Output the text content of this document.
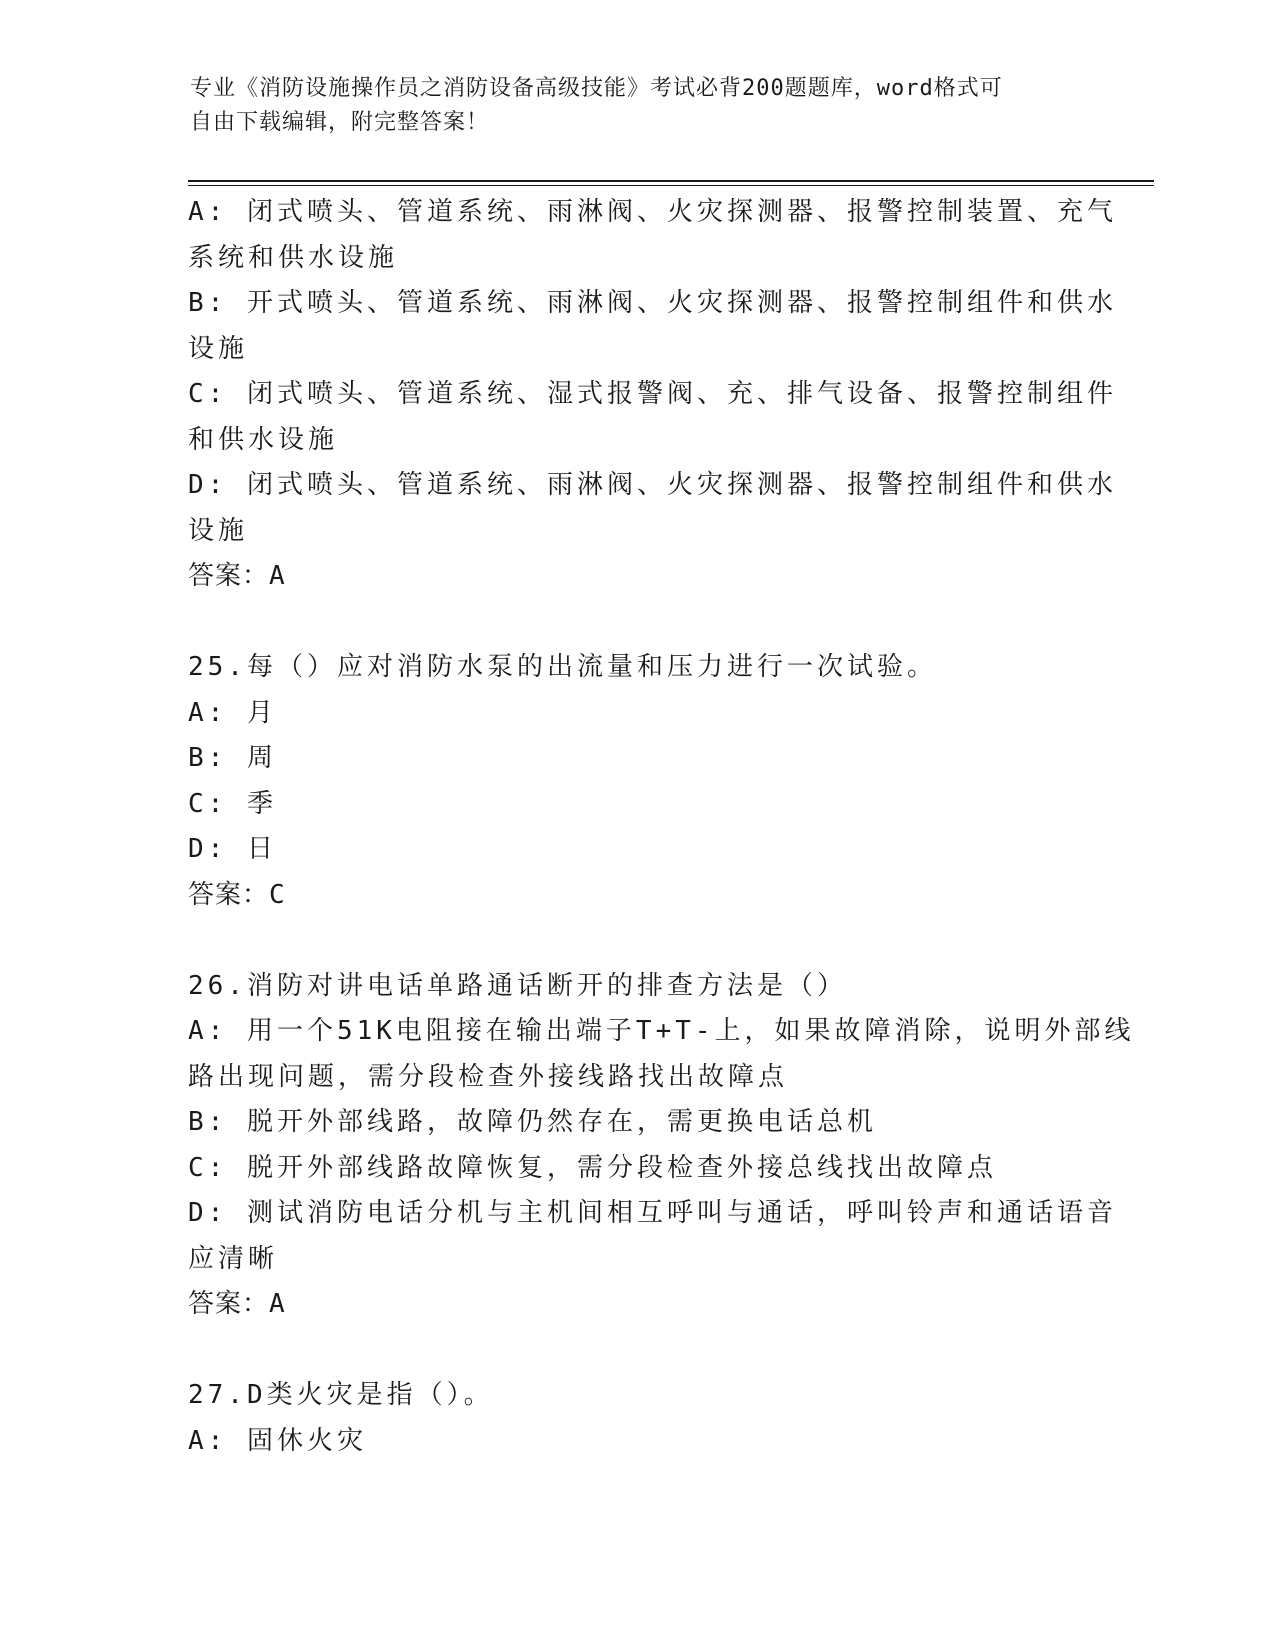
专业《消防设施操作员之消防设备高级技能》考试必背200题题库，word格式可
自由下载编辑，附完整答案！
A: 闭式喷头、管道系统、雨淋阀、火灾探测器、报警控制装置、充气
系统和供水设施
B: 开式喷头、管道系统、雨淋阀、火灾探测器、报警控制组件和供水
设施
C: 闭式喷头、管道系统、湿式报警阀、充、排气设备、报警控制组件
和供水设施
D: 闭式喷头、管道系统、雨淋阀、火灾探测器、报警控制组件和供水
设施
答案：A
25.每（）应对消防水泵的出流量和压力进行一次试验。
A: 月
B: 周
C: 季
D: 日
答案：C
26.消防对讲电话单路通话断开的排查方法是（）
A: 用一个51K电阻接在输出端子T+T-上，如果故障消除，说明外部线
路出现问题，需分段检查外接线路找出故障点
B: 脱开外部线路，故障仍然存在，需更换电话总机
C: 脱开外部线路故障恢复，需分段检查外接总线找出故障点
D: 测试消防电话分机与主机间相互呼叫与通话，呼叫铃声和通话语音
应清晰
答案：A
27.D类火灾是指（）。
A: 固休火灾
